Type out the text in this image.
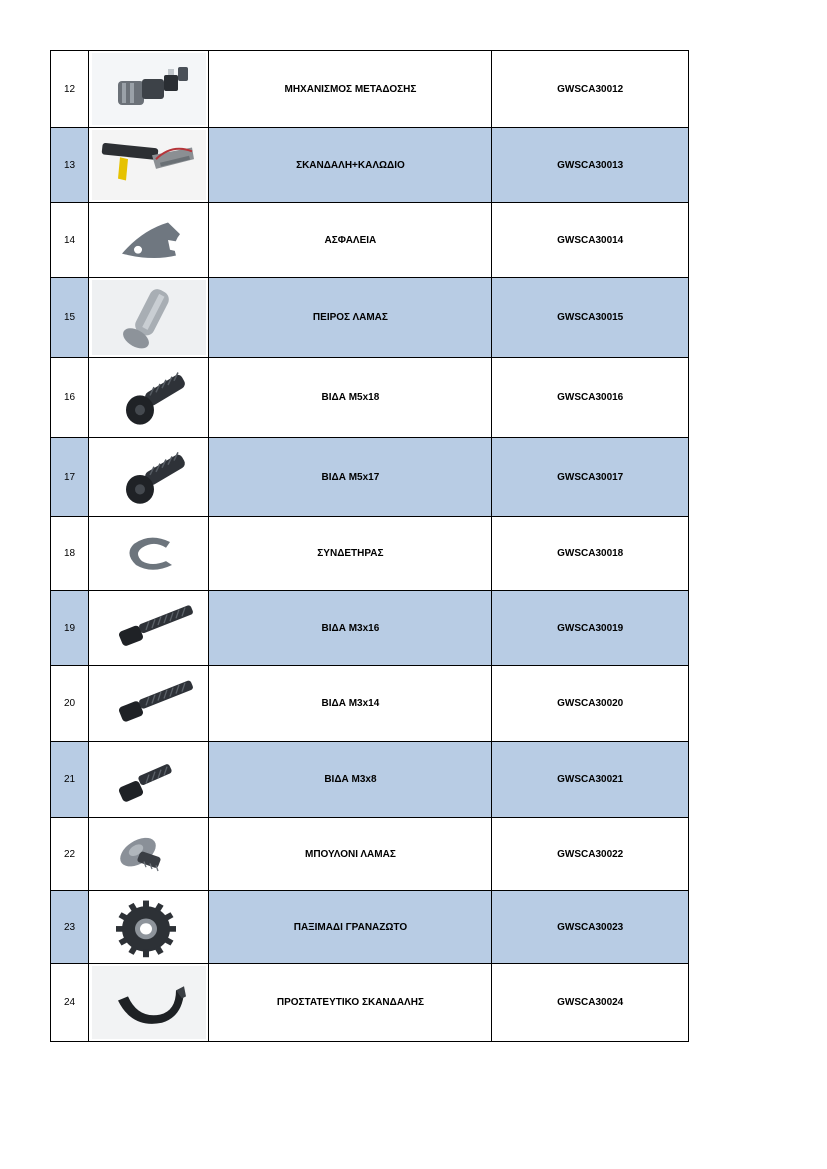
12		ΜΗΧΑΝΙΣΜΟΣ ΜΕΤΑΔΟΣΗΣ	GWSCA30012
13		ΣΚΑΝΔΑΛΗ+ΚΑΛΩΔΙΟ	GWSCA30013
14		ΑΣΦΑΛΕΙΑ	GWSCA30014
15		ΠΕΙΡΟΣ ΛΑΜΑΣ	GWSCA30015
16		ΒΙΔΑ Μ5x18	GWSCA30016
17		ΒΙΔΑ Μ5x17	GWSCA30017
18		ΣΥΝΔΕΤΗΡΑΣ	GWSCA30018
19		ΒΙΔΑ Μ3x16	GWSCA30019
20		ΒΙΔΑ Μ3x14	GWSCA30020
21		ΒΙΔΑ Μ3x8	GWSCA30021
22		ΜΠΟΥΛΟΝΙ ΛΑΜΑΣ	GWSCA30022
23		ΠΑΞΙΜΑΔΙ ΓΡΑΝΑΖΩΤΟ	GWSCA30023
24		ΠΡΟΣΤΑΤΕΥΤΙΚΟ ΣΚΑΝΔΑΛΗΣ	GWSCA30024
